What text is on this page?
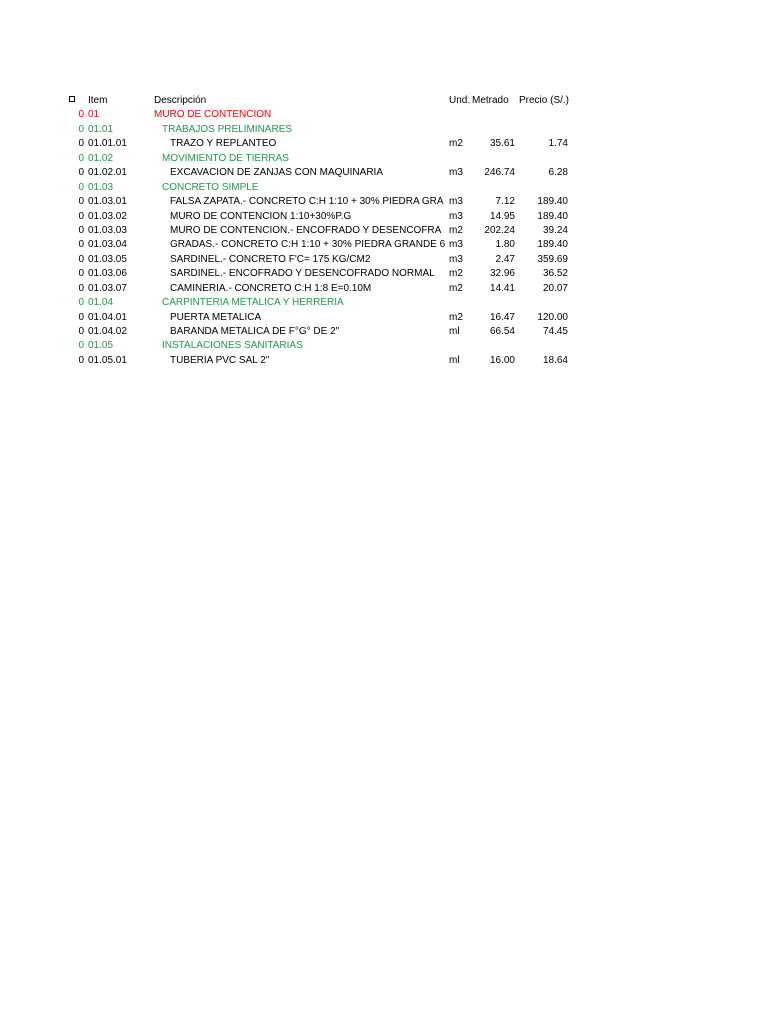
Item	Descripción	Und. Metrado	Precio (S/.)
0 01	MURO DE CONTENCION
0 01.01	TRABAJOS PRELIMINARES
0 01.01.01	TRAZO Y REPLANTEO	m2	35.61	1.74
0 01.02	MOVIMIENTO DE TIERRAS
0 01.02.01	EXCAVACION DE ZANJAS CON MAQUINARIA	m3	246.74	6.28
0 01.03	CONCRETO SIMPLE
0 01.03.01	FALSA ZAPATA.- CONCRETO C:H 1:10 + 30% PIEDRA GRA m3	7.12	189.40
0 01.03.02	MURO DE CONTENCION 1:10+30%P.G	m3	14.95	189.40
0 01.03.03	MURO DE CONTENCION.- ENCOFRADO Y DESENCOFRA m2	202.24	39.24
0 01.03.04	GRADAS.- CONCRETO C:H 1:10 + 30% PIEDRA GRANDE 6 m3	1.80	189.40
0 01.03.05	SARDINEL.- CONCRETO F'C= 175 KG/CM2	m3	2.47	359.69
0 01.03.06	SARDINEL.- ENCOFRADO Y DESENCOFRADO NORMAL	m2	32.96	36.52
0 01.03.07	CAMINERIA.- CONCRETO C:H 1:8 E=0.10M	m2	14.41	20.07
0 01.04	CARPINTERIA METALICA Y HERRERIA
0 01.04.01	PUERTA METALICA	m2	16.47	120.00
0 01.04.02	BARANDA METALICA DE F°G° DE 2"	ml	66.54	74.45
0 01.05	INSTALACIONES SANITARIAS
0 01.05.01	TUBERIA PVC SAL 2"	ml	16.00	18.64
